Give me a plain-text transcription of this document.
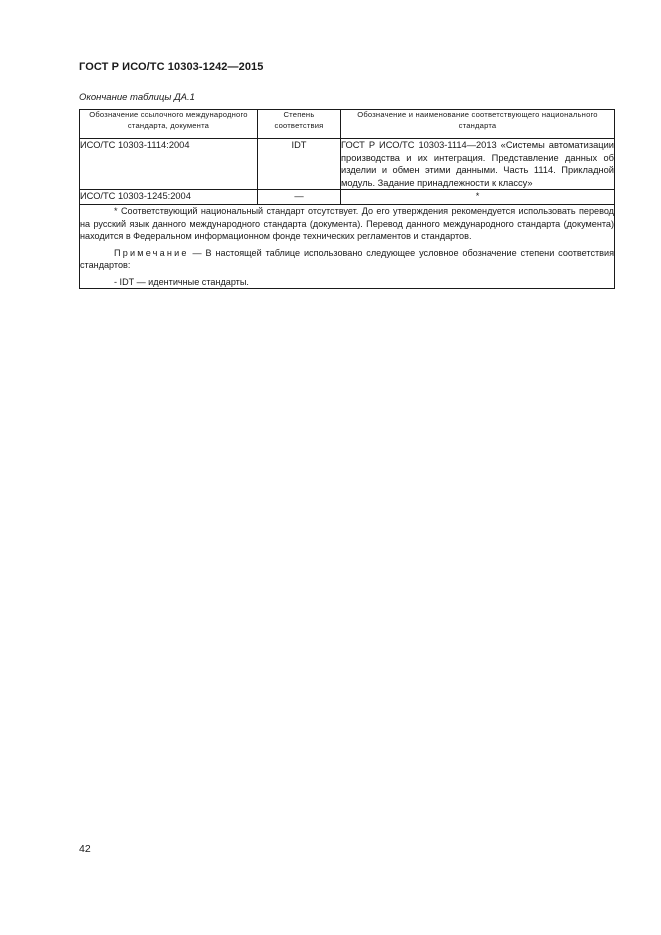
ГОСТ Р ИСО/ТС 10303-1242—2015
Окончание таблицы ДА.1
Обозначение ссылочного международного стандарта, документа	Степень соответствия	Обозначение и наименование соответствующего национального стандарта
ИСО/ТС 10303-1114:2004	IDT	ГОСТ Р ИСО/ТС 10303-1114—2013 «Системы автоматизации производства и их интеграция. Представление данных об изделии и обмен этими данными. Часть 1114. Прикладной модуль. Задание принадлежности к классу»
ИСО/ТС 10303-1245:2004	—	*

* Соответствующий национальный стандарт отсутствует. До его утверждения рекомендуется использовать перевод на русский язык данного международного стандарта (документа). Перевод данного международного стандарта (документа) находится в Федеральном информационном фонде технических регламентов и стандартов.

Примечание — В настоящей таблице использовано следующее условное обозначение степени соответствия стандартов:

- IDT — идентичные стандарты.		

42
